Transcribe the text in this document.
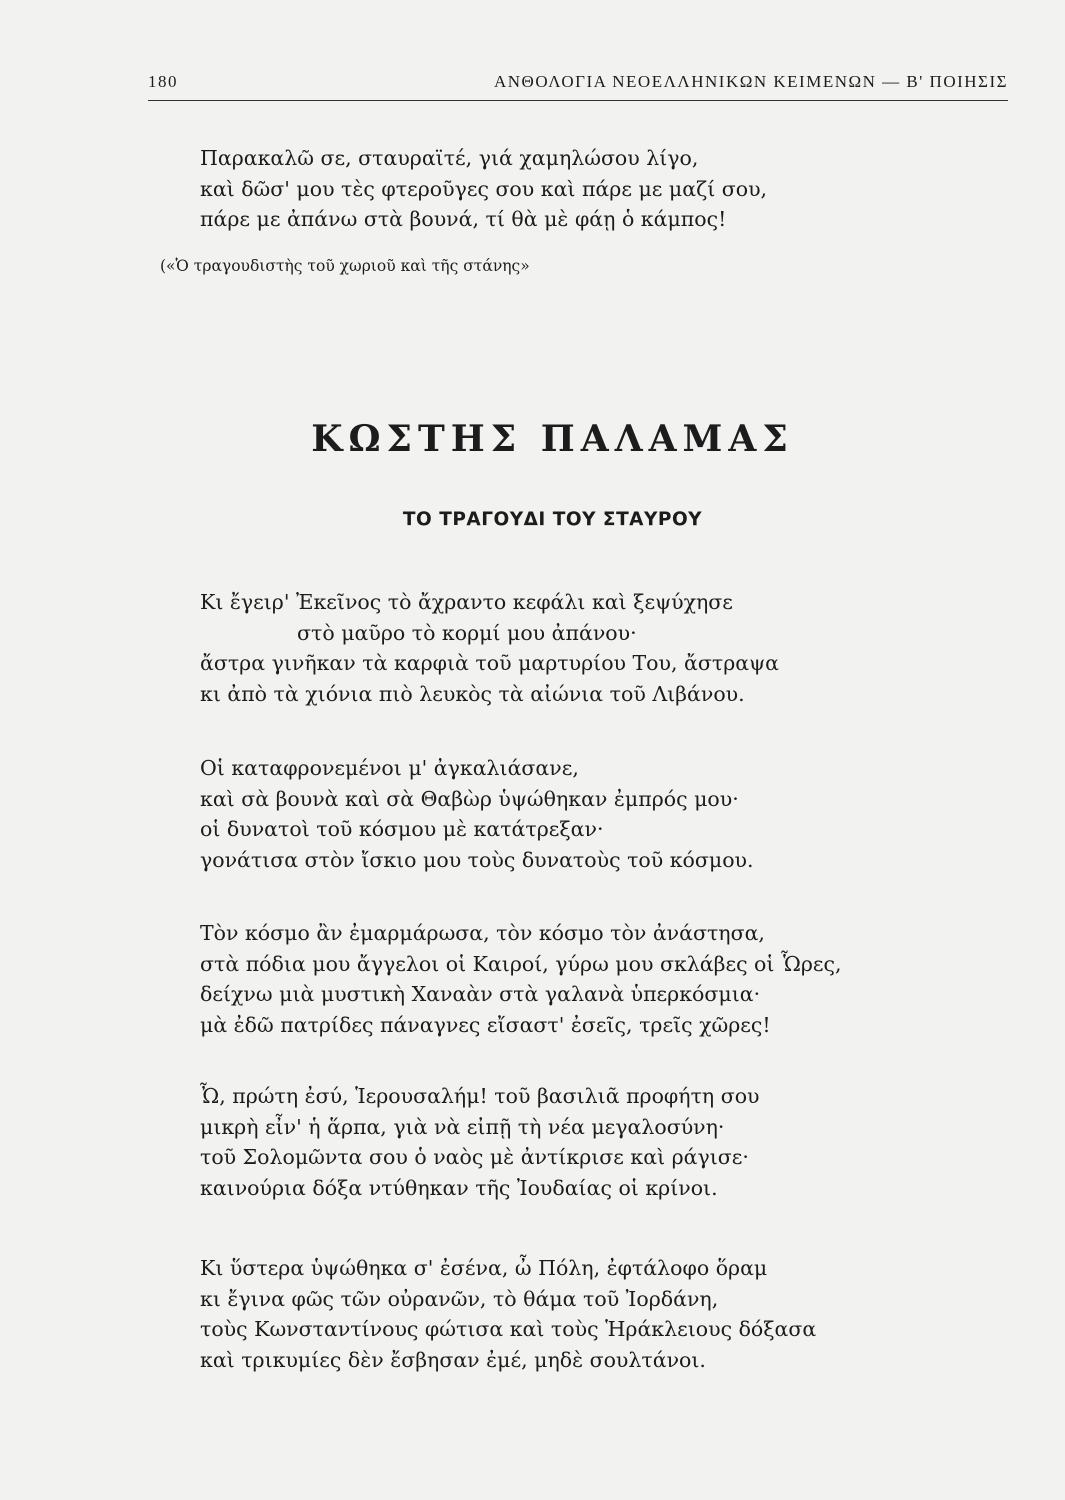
180	ΑΝΘΟΛΟΓΙΑ ΝΕΟΕΛΛΗΝΙΚΩΝ ΚΕΙΜΕΝΩΝ — Β' ΠΟΙΗΣΙΣ
Παρακαλῶ σε, σταυραϊτέ, γιά χαμηλώσου λίγο,
καὶ δῶσ' μου τὲς φτεροῦγες σου καὶ πάρε με μαζί σου,
πάρε με ἀπάνω στὰ βουνά, τί θὰ μὲ φάῃ ὁ κάμπος!
(«Ὁ τραγουδιστὴς τοῦ χωριοῦ καὶ τῆς στάνης»
ΚΩΣΤΗΣ ΠΑΛΑΜΑΣ
ΤΟ ΤΡΑΓΟΥΔΙ ΤΟΥ ΣΤΑΥΡΟΥ
Κι ἔγειρ' Ἐκεῖνος τὸ ἄχραντο κεφάλι καὶ ξεψύχησε
στὸ μαῦρο τὸ κορμί μου ἀπάνου·
ἄστρα γινῆκαν τὰ καρφιὰ τοῦ μαρτυρίου Του, ἄστραψα
κι ἀπὸ τὰ χιόνια πιὸ λευκὸς τὰ αἰώνια τοῦ Λιβάνου.
Οἱ καταφρονεμένοι μ' ἀγκαλιάσανε,
καὶ σὰ βουνὰ καὶ σὰ Θαβὼρ ὑψώθηκαν ἐμπρός μου·
οἱ δυνατοὶ τοῦ κόσμου μὲ κατάτρεξαν·
γονάτισα στὸν ἴσκιο μου τοὺς δυνατοὺς τοῦ κόσμου.
Τὸν κόσμο ἂν ἐμαρμάρωσα, τὸν κόσμο τὸν ἀνάστησα,
στὰ πόδια μου ἄγγελοι οἱ Καιροί, γύρω μου σκλάβες οἱ Ὧρες,
δείχνω μιὰ μυστικὴ Χαναὰν στὰ γαλανὰ ὑπερκόσμια·
μὰ ἐδῶ πατρίδες πάναγνες εἴσαστ' ἐσεῖς, τρεῖς χῶρες!
Ὦ, πρώτη ἐσύ, Ἱερουσαλήμ! τοῦ βασιλιᾶ προφήτη σου
μικρὴ εἶν' ἡ ἅρπα, γιὰ νὰ εἰπῇ τὴ νέα μεγαλοσύνη·
τοῦ Σολομῶντα σου ὁ ναὸς μὲ ἀντίκρισε καὶ ράγισε·
καινούρια δόξα ντύθηκαν τῆς Ἰουδαίας οἱ κρίνοι.
Κι ὕστερα ὑψώθηκα σ' ἐσένα, ὦ Πόλη, ἐφτάλοφο ὅραμ
κι ἔγινα φῶς τῶν οὐρανῶν, τὸ θάμα τοῦ Ἰορδάνη,
τοὺς Κωνσταντίνους φώτισα καὶ τοὺς Ἡράκλειους δόξασα
καὶ τρικυμίες δὲν ἔσβησαν ἐμέ, μηδὲ σουλτάνοι.
